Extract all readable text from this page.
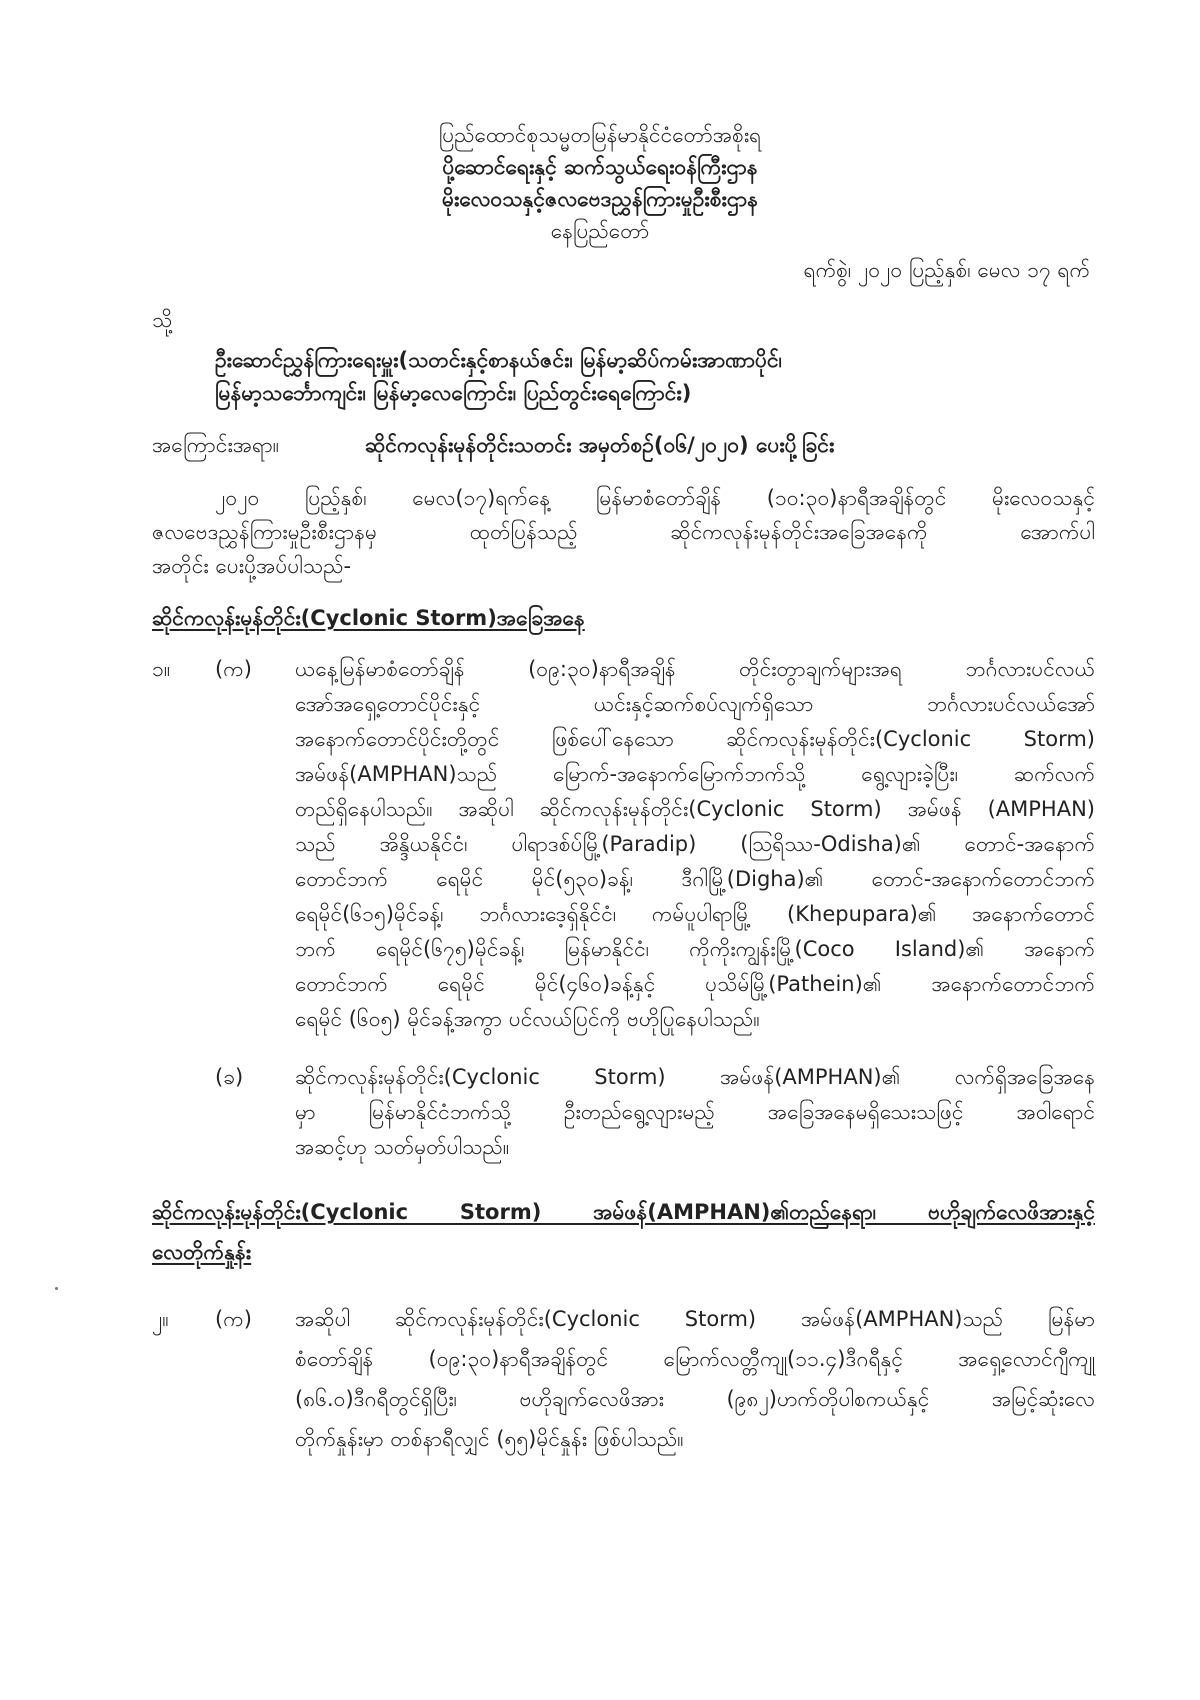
ပြည်ထောင်စုသမ္မတမြန်မာနိုင်ငံတော်အစိုးရ
ပို့ဆောင်ရေးနှင့် ဆက်သွယ်ရေးဝန်ကြီးဌာန
မိုးလေဝသနှင့်ဇလဗေဒညွှန်ကြားမှုဦးစီးဌာန
နေပြည်တော်
ရက်စွဲ၊ ၂၀၂၀ ပြည့်နှစ်၊ မေလ ၁၇ ရက်
သို့
ဦးဆောင်ညွှန်ကြားရေးမှူး(သတင်းနှင့်စာနယ်ဇင်း၊ မြန်မာ့ဆိပ်ကမ်းအာဏာပိုင်၊
မြန်မာ့သင်္ဘောကျင်း၊ မြန်မာ့လေကြောင်း၊ ပြည်တွင်းရေကြောင်း)
အကြောင်းအရာ။	ဆိုင်ကလုန်းမုန်တိုင်းသတင်း အမှတ်စဉ်(၀၆/၂၀၂၀) ပေးပို့ခြင်း
၂၀၂၀ ပြည့်နှစ်၊ မေလ(၁၇)ရက်နေ့ မြန်မာစံတော်ချိန် (၁၀:၃၀)နာရီအချိန်တွင် မိုးလေဝသနှင့်
ဇလဗေဒညွှန်ကြားမှုဦးစီးဌာနမှ ထုတ်ပြန်သည့် ဆိုင်ကလုန်းမုန်တိုင်းအခြေအနေကို အောက်ပါ
အတိုင်း ပေးပို့အပ်ပါသည်-
ဆိုင်ကလုန်းမုန်တိုင်း(Cyclonic Storm)အခြေအနေ
၁။ (က) ယနေ့မြန်မာစံတော်ချိန် (၀၉:၃၀)နာရီအချိန် တိုင်းတွာချက်များအရ ဘင်္ဂလားပင်လယ်
အော်အရှေ့တောင်ပိုင်းနှင့် ယင်းနှင့်ဆက်စပ်လျက်ရှိသော ဘင်္ဂလားပင်လယ်အော်
အနောက်တောင်ပိုင်းတို့တွင် ဖြစ်ပေါ်နေသော ဆိုင်ကလုန်းမုန်တိုင်း(Cyclonic Storm)
အမ်ဖန်(AMPHAN)သည် မြောက်-အနောက်မြောက်ဘက်သို့ ရွေ့လျားခဲ့ပြီး၊ ဆက်လက်
တည်ရှိနေပါသည်။ အဆိုပါ ဆိုင်ကလုန်းမုန်တိုင်း(Cyclonic Storm) အမ်ဖန် (AMPHAN)
သည် အိန္ဒိယနိုင်ငံ၊ ပါရာဒစ်ပ်မြို့(Paradip) (ဩရိဿ-Odisha)၏ တောင်-အနောက်
တောင်ဘက် ရေမိုင် မိုင်(၅၃၀)ခန့်၊ ဒီဂါမြို့(Digha)၏ တောင်-အနောက်တောင်ဘက်
ရေမိုင်(၆၁၅)မိုင်ခန့်၊ ဘင်္ဂလားဒေ့ရှ်နိုင်ငံ၊ ကမ်ပူပါရာမြို့ (Khepupara)၏ အနောက်တောင်
ဘက် ရေမိုင်(၆၇၅)မိုင်ခန့်၊ မြန်မာနိုင်ငံ၊ ကိုကိုးကျွန်းမြို့(Coco Island)၏ အနောက်
တောင်ဘက် ရေမိုင် မိုင်(၄၆၀)ခန့်နှင့် ပုသိမ်မြို့(Pathein)၏ အနောက်တောင်ဘက်
ရေမိုင် (၆၀၅) မိုင်ခန့်အကွာ ပင်လယ်ပြင်ကို ဗဟိုပြုနေပါသည်။
(ခ) ဆိုင်ကလုန်းမုန်တိုင်း(Cyclonic Storm) အမ်ဖန်(AMPHAN)၏ လက်ရှိအခြေအနေ
မှာ မြန်မာနိုင်ငံဘက်သို့ ဦးတည်ရွေ့လျားမည့် အခြေအနေမရှိသေးသဖြင့် အဝါရောင်
အဆင့်ဟု သတ်မှတ်ပါသည်။
ဆိုင်ကလုန်းမုန်တိုင်း(Cyclonic Storm) အမ်ဖန်(AMPHAN)၏တည်နေရာ၊ ဗဟိုချက်လေဖိအားနှင့်
လေတိုက်နှုန်း
၂။ (က) အဆိုပါ ဆိုင်ကလုန်းမုန်တိုင်း(Cyclonic Storm) အမ်ဖန်(AMPHAN)သည် မြန်မာ
စံတော်ချိန် (၀၉:၃၀)နာရီအချိန်တွင် မြောက်လတ္တီကျု(၁၁.၄)ဒီဂရီနှင့် အရှေ့လောင်ဂျီကျု
(၈၆.၀)ဒီဂရီတွင်ရှိပြီး၊ ဗဟိုချက်လေဖိအား (၉၈၂)ဟက်တိုပါစကယ်နှင့် အမြင့်ဆုံးလေ
တိုက်နှုန်းမှာ တစ်နာရီလျှင် (၅၅)မိုင်နှုန်း ဖြစ်ပါသည်။
